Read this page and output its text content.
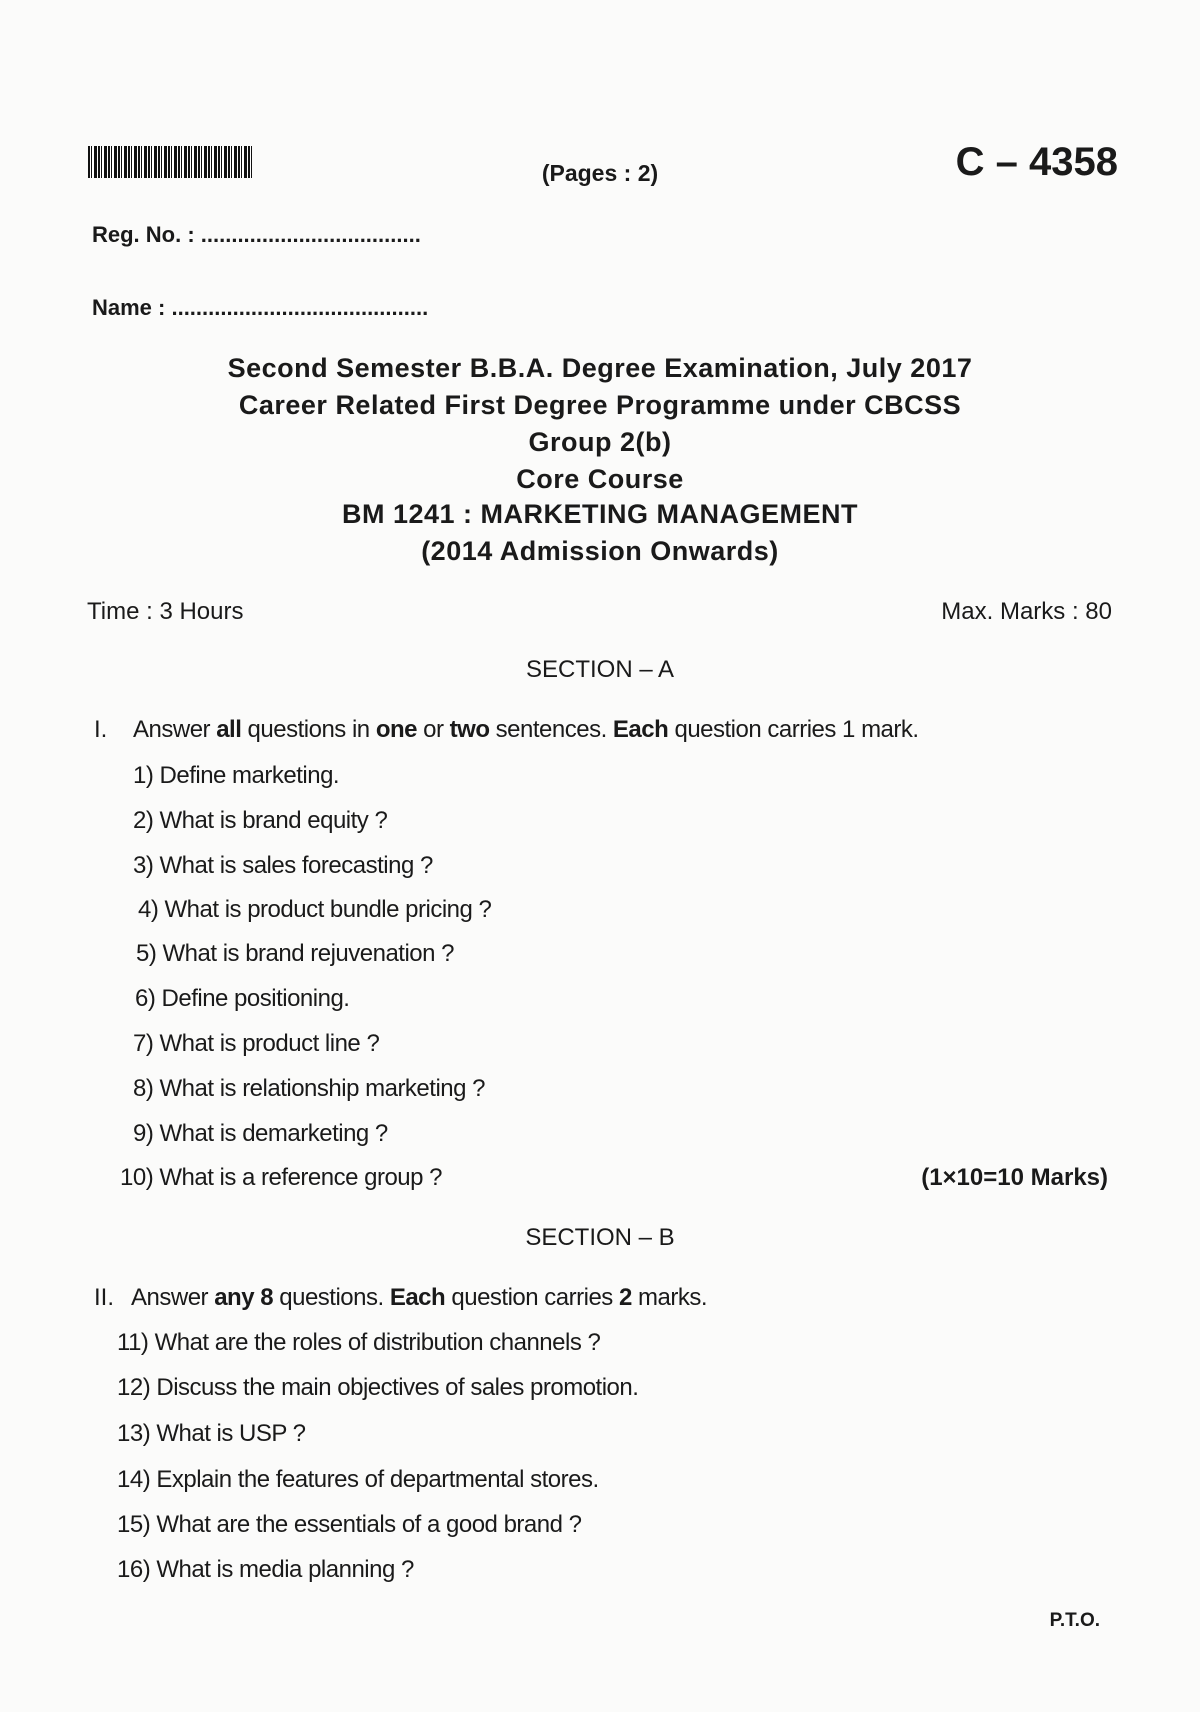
(Pages : 2)	C – 4358
Reg. No. : ....................................
Name : ..........................................
Second Semester B.B.A. Degree Examination, July 2017
Career Related First Degree Programme under CBCSS
Group 2(b)
Core Course
BM 1241 : MARKETING MANAGEMENT
(2014 Admission Onwards)
Time : 3 Hours	Max. Marks : 80
SECTION – A
I. Answer all questions in one or two sentences. Each question carries 1 mark.
1) Define marketing.
2) What is brand equity ?
3) What is sales forecasting ?
4) What is product bundle pricing ?
5) What is brand rejuvenation ?
6) Define positioning.
7) What is product line ?
8) What is relationship marketing ?
9) What is demarketing ?
10) What is a reference group ?	(1×10=10 Marks)
SECTION – B
II. Answer any 8 questions. Each question carries 2 marks.
11) What are the roles of distribution channels ?
12) Discuss the main objectives of sales promotion.
13) What is USP ?
14) Explain the features of departmental stores.
15) What are the essentials of a good brand ?
16) What is media planning ?
P.T.O.
